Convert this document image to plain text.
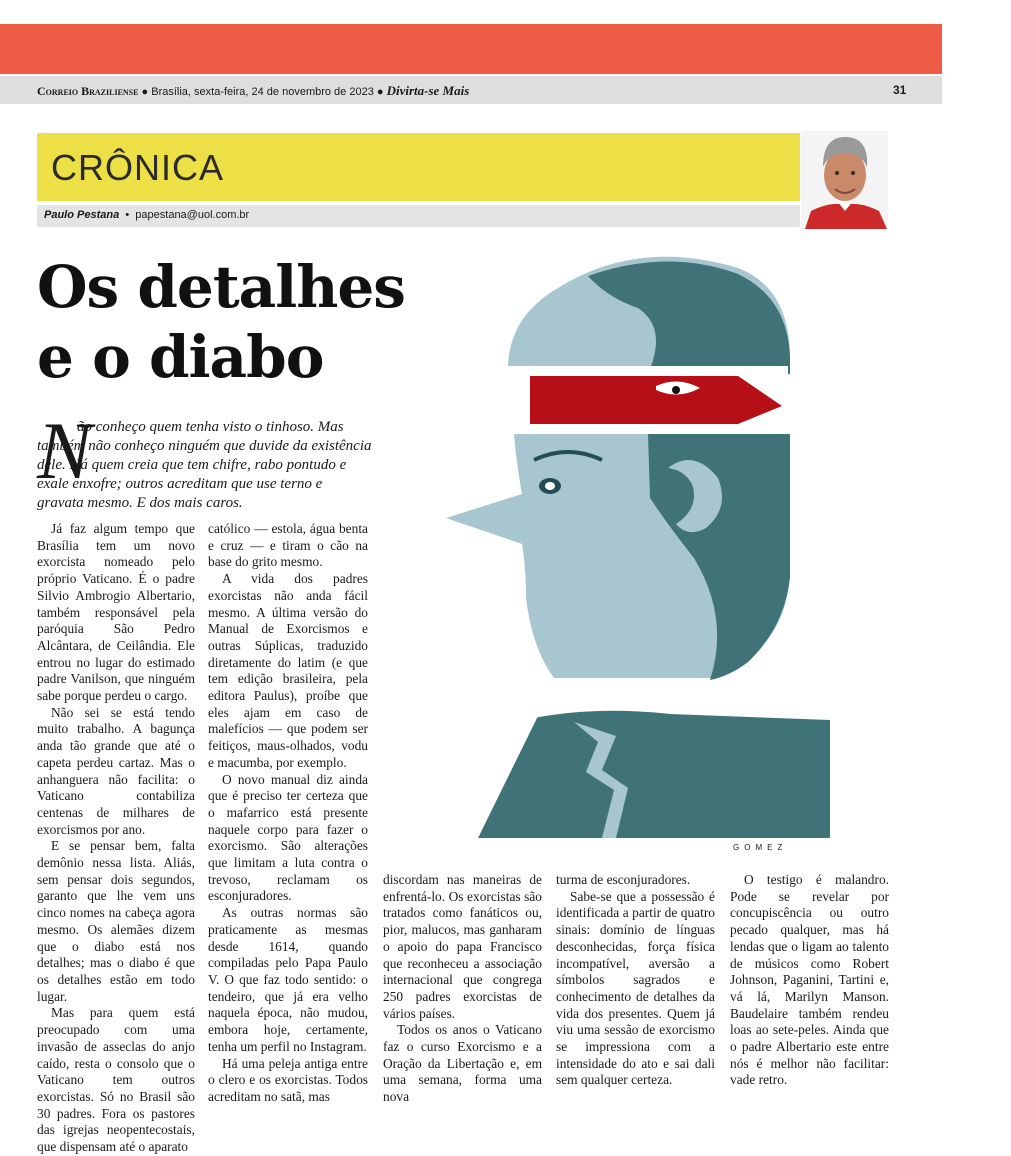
Correio Braziliense ● Brasília, sexta-feira, 24 de novembro de 2023 ● Divirta-se Mais	31
CRÔNICA
Paulo Pestana  •  papestana@uol.com.br
Os detalhes
e o diabo
N
ão conheço quem tenha visto o tinhoso. Mas também não conheço ninguém que duvide da existência dele. Há quem creia que tem chifre, rabo pontudo e exale enxofre; outros acreditam que use terno e gravata mesmo. E dos mais caros.
GOMEZ

Já faz algum tempo que Brasília tem um novo exorcista nomeado pelo próprio Vaticano. É o padre Silvio Ambrogio Albertario, também responsável pela paróquia São Pedro Alcântara, de Ceilândia. Ele entrou no lugar do estimado padre Vanilson, que ninguém sabe porque perdeu o cargo.

Não sei se está tendo muito trabalho. A bagunça anda tão grande que até o capeta perdeu cartaz. Mas o anhanguera não facilita: o Vaticano contabiliza centenas de milhares de exorcismos por ano.

E se pensar bem, falta demônio nessa lista. Aliás, sem pensar dois segundos, garanto que lhe vem uns cinco nomes na cabeça agora mesmo. Os alemães dizem que o diabo está nos detalhes; mas o diabo é que os detalhes estão em todo lugar.

Mas para quem está preocupado com uma invasão de asseclas do anjo caído, resta o consolo que o Vaticano tem outros exorcistas. Só no Brasil são 30 padres. Fora os pastores das igrejas neopentecostais, que dispensam até o aparato

católico — estola, água benta e cruz — e tiram o cão na base do grito mesmo.

A vida dos padres exorcistas não anda fácil mesmo. A última versão do Manual de Exorcismos e outras Súplicas, traduzido diretamente do latim (e que tem edição brasileira, pela editora Paulus), proíbe que eles ajam em caso de malefícios — que podem ser feitiços, maus-olhados, vodu e macumba, por exemplo.

O novo manual diz ainda que é preciso ter certeza que o mafarrico está presente naquele corpo para fazer o exorcismo. São alterações que limitam a luta contra o trevoso, reclamam os esconjuradores.

As outras normas são praticamente as mesmas desde 1614, quando compiladas pelo Papa Paulo V. O que faz todo sentido: o tendeiro, que já era velho naquela época, não mudou, embora hoje, certamente, tenha um perfil no Instagram.

Há uma peleja antiga entre o clero e os exorcistas. Todos acreditam no satã, mas

discordam nas maneiras de enfrentá-lo. Os exorcistas são tratados como fanáticos ou, pior, malucos, mas ganharam o apoio do papa Francisco que reconheceu a associação internacional que congrega 250 padres exorcistas de vários países.

Todos os anos o Vaticano faz o curso Exorcismo e a Oração da Libertação e, em uma semana, forma uma nova

turma de esconjuradores.

Sabe-se que a possessão é identificada a partir de quatro sinais: domínio de línguas desconhecidas, força física incompatível, aversão a símbolos sagrados e conhecimento de detalhes da vida dos presentes. Quem já viu uma sessão de exorcismo se impressiona com a intensidade do ato e sai dali sem qualquer certeza.

O testigo é malandro. Pode se revelar por concupiscência ou outro pecado qualquer, mas há lendas que o ligam ao talento de músicos como Robert Johnson, Paganini, Tartini e, vá lá, Marilyn Manson. Baudelaire também rendeu loas ao sete-peles. Ainda que o padre Albertario este entre nós é melhor não facilitar: vade retro.
